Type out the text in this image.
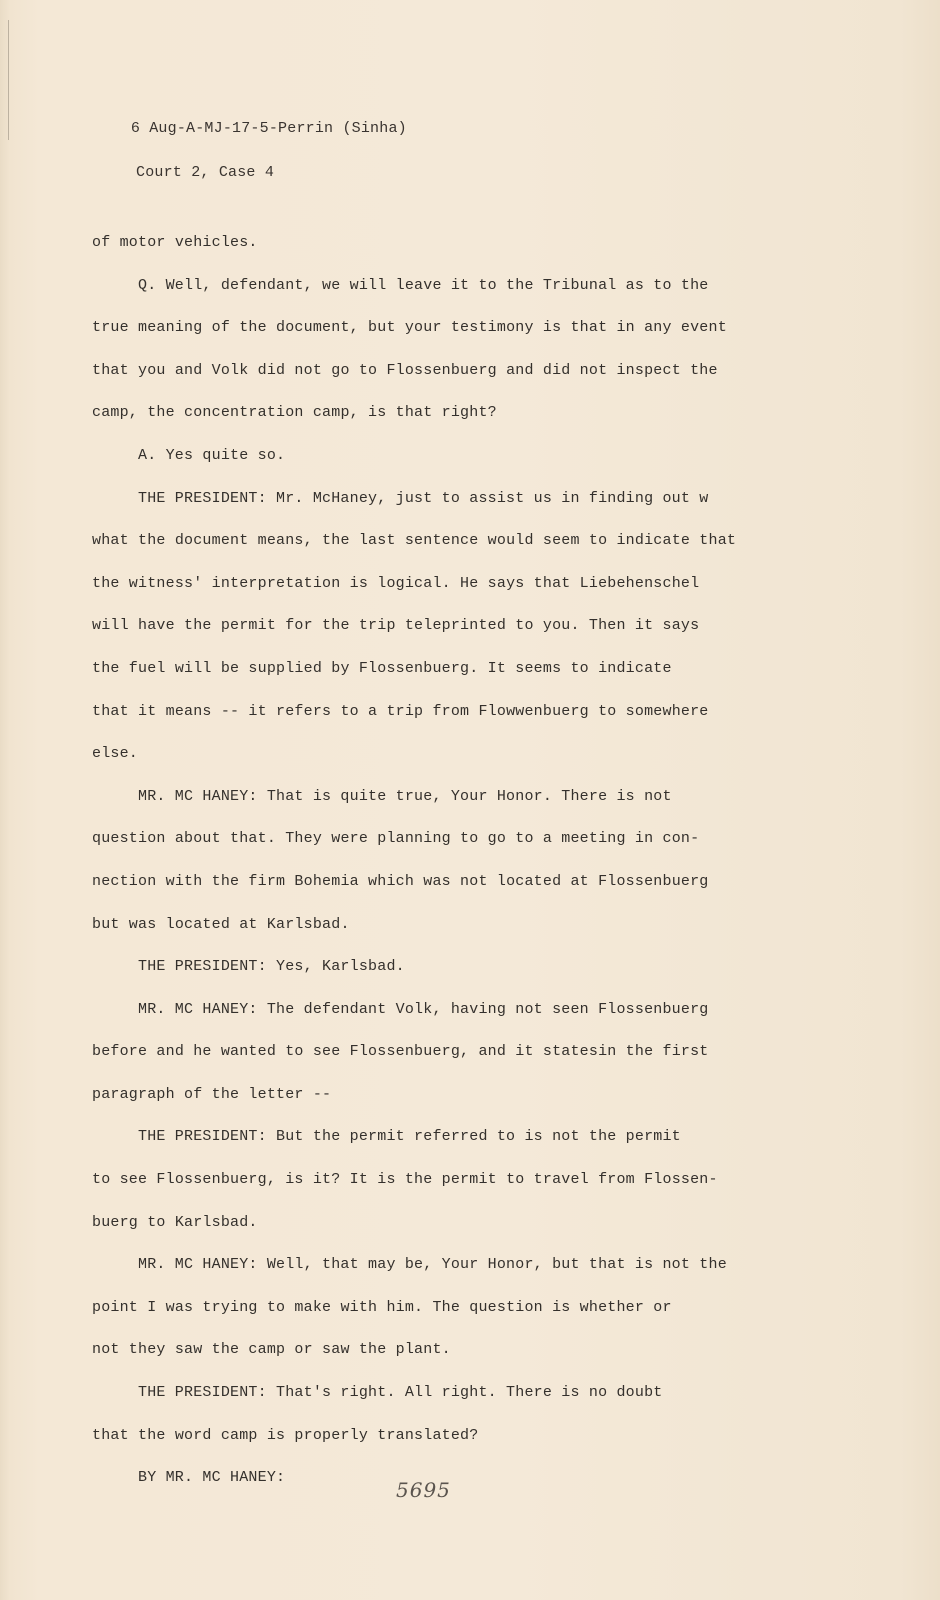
6 Aug-A-MJ-17-5-Perrin (Sinha)

Court 2, Case 4

of motor vehicles.

Q. Well, defendant, we will leave it to the Tribunal as to the

true meaning of the document, but your testimony is that in any event

that you and Volk did not go to Flossenbuerg and did not inspect the

camp, the concentration camp, is that right?

A. Yes quite so.

THE PRESIDENT: Mr. McHaney, just to assist us in finding out w

what the document means, the last sentence would seem to indicate that

the witness' interpretation is logical. He says that Liebehenschel

will have the permit for the trip teleprinted to you. Then it says

the fuel will be supplied by Flossenbuerg. It seems to indicate

that it means -- it refers to a trip from Flowwenbuerg to somewhere

else.

MR. MC HANEY: That is quite true, Your Honor. There is not

question about that. They were planning to go to a meeting in con-

nection with the firm Bohemia which was not located at Flossenbuerg

but was located at Karlsbad.

THE PRESIDENT: Yes, Karlsbad.

MR. MC HANEY: The defendant Volk, having not seen Flossenbuerg

before and he wanted to see Flossenbuerg, and it statesin the first

paragraph of the letter --

THE PRESIDENT: But the permit referred to is not the permit

to see Flossenbuerg, is it? It is the permit to travel from Flossen-

buerg to Karlsbad.

MR. MC HANEY: Well, that may be, Your Honor, but that is not the

point I was trying to make with him. The question is whether or

not they saw the camp or saw the plant.

THE PRESIDENT: That's right. All right. There is no doubt

that the word camp is properly translated?

BY MR. MC HANEY:

5695
